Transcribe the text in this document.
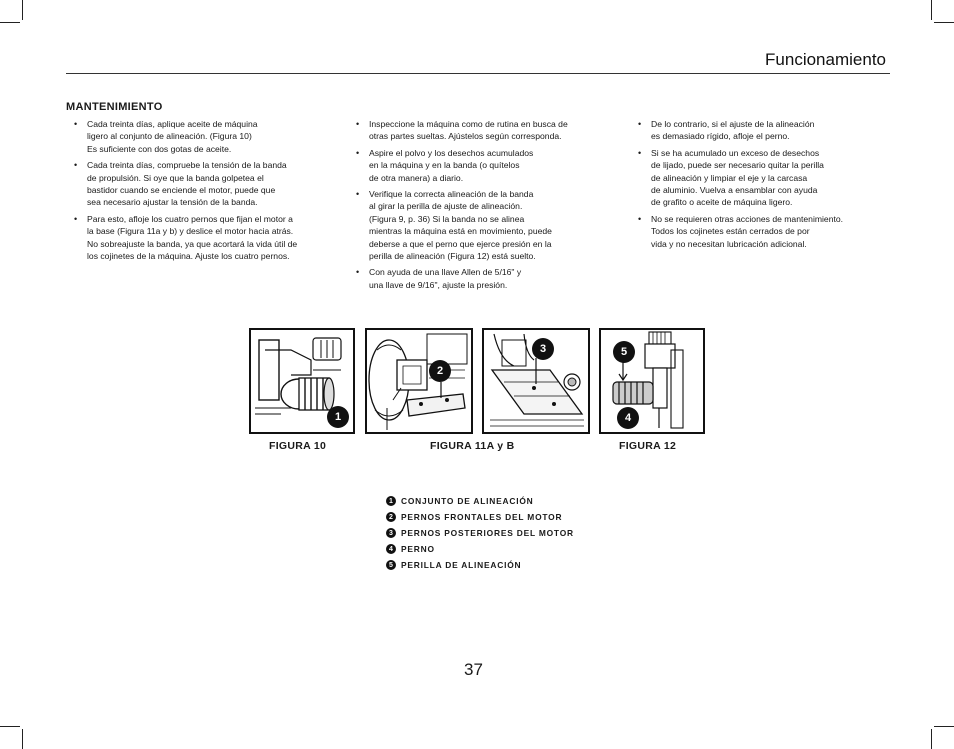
Funcionamiento
MANTENIMIENTO
• Cada treinta días, aplique aceite de máquina
ligero al conjunto de alineación. (Figura 10)
Es suficiente con dos gotas de aceite.
• Cada treinta días, compruebe la tensión de la banda
de propulsión. Si oye que la banda golpetea el
bastidor cuando se enciende el motor, puede que
sea necesario ajustar la tensión de la banda.
• Para esto, afloje los cuatro pernos que fijan el motor a
la base (Figura 11a y b) y deslice el motor hacia atrás.
No sobreajuste la banda, ya que acortará la vida útil de
los cojinetes de la máquina. Ajuste los cuatro pernos.
• Inspeccione la máquina como de rutina en busca de
otras partes sueltas. Ajústelos según corresponda.
• Aspire el polvo y los desechos acumulados
en la máquina y en la banda (o quítelos
de otra manera) a diario.
• Verifique la correcta alineación de la banda
al girar la perilla de ajuste de alineación.
(Figura 9, p. 36) Si la banda no se alinea
mientras la máquina está en movimiento, puede
deberse a que el perno que ejerce presión en la
perilla de alineación (Figura 12) está suelto.
• Con ayuda de una llave Allen de 5/16" y
una llave de 9/16", ajuste la presión.
• De lo contrario, si el ajuste de la alineación
es demasiado rígido, afloje el perno.
• Si se ha acumulado un exceso de desechos
de lijado, puede ser necesario quitar la perilla
de alineación y limpiar el eje y la carcasa
de aluminio. Vuelva a ensamblar con ayuda
de grafito o aceite de máquina ligero.
• No se requieren otras acciones de mantenimiento.
Todos los cojinetes están cerrados de por
vida y no necesitan lubricación adicional.
1
2
3	5
4
FIGURA 10	FIGURA 11A y B	FIGURA 12
1 CONJUNTO DE ALINEACIÓN
2 PERNOS FRONTALES DEL MOTOR
3 PERNOS POSTERIORES DEL MOTOR
4 PERNO
5 PERILLA DE ALINEACIÓN
37
